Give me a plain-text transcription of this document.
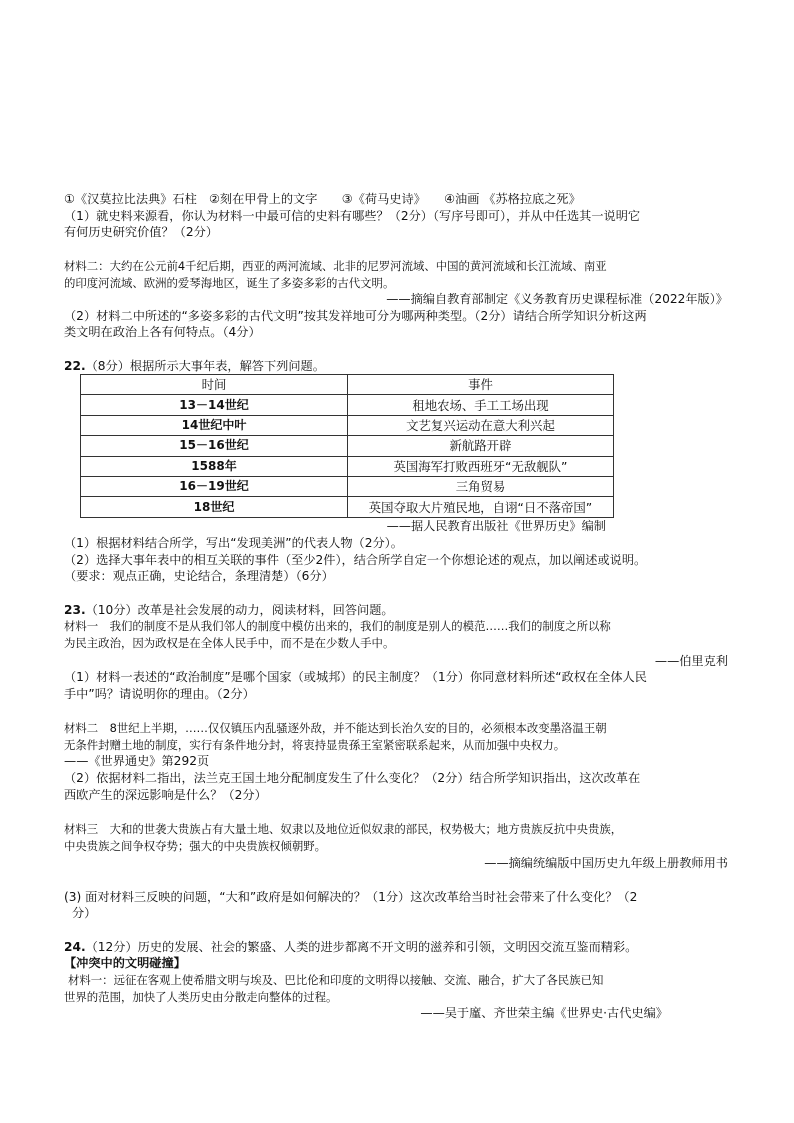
①《汉莫拉比法典》石柱　②刻在甲骨上的文字　　③《荷马史诗》　　④油画 《苏格拉底之死》
（1）就史料来源看，你认为材料一中最可信的史料有哪些？（2分）（写序号即可），并从中任选其一说明它
有何历史研究价值？（2分）
材料二：大约在公元前4千纪后期，西亚的两河流域、北非的尼罗河流域、中国的黄河流域和长江流域、南亚
的印度河流域、欧洲的爱琴海地区，诞生了多姿多彩的古代文明。
——摘编自教育部制定《义务教育历史课程标准（2022年版）》
（2）材料二中所述的“多姿多彩的古代文明”按其发祥地可分为哪两种类型。（2分）请结合所学知识分析这两
类文明在政治上各有何特点。（4分）
22.（8分）根据所示大事年表，解答下列问题。
时间	事件
13－14世纪	租地农场、手工工场出现
14世纪中叶	文艺复兴运动在意大利兴起
15－16世纪	新航路开辟
1588年	英国海军打败西班牙“无敌舰队”
16－19世纪	三角贸易
18世纪	英国夺取大片殖民地，自诩“日不落帝国”
——据人民教育出版社《世界历史》编制
（1）根据材料结合所学，写出“发现美洲”的代表人物（2分）。
（2）选择大事年表中的相互关联的事件（至少2件），结合所学自定一个你想论述的观点，加以阐述或说明。
（要求：观点正确，史论结合，条理清楚）（6分）
23.（10分）改革是社会发展的动力，阅读材料，回答问题。
材料一　我们的制度不是从我们邻人的制度中模仿出来的，我们的制度是别人的模范……我们的制度之所以称
为民主政治，因为政权是在全体人民手中，而不是在少数人手中。
——伯里克利
（1）材料一表述的“政治制度”是哪个国家（或城邦）的民主制度？（1分）你同意材料所述“政权在全体人民
手中”吗？请说明你的理由。（2分）
材料二　8世纪上半期，……仅仅镇压内乱骚逐外敌，并不能达到长治久安的目的，必须根本改变墨洛温王朝
无条件封赠土地的制度，实行有条件地分封，将衷持显贵孫王室紧密联系起来，从而加强中央权力。
——《世界通史》第292页
（2）依据材料二指出，法兰克王国土地分配制度发生了什么变化？（2分）结合所学知识指出，这次改革在
西欧产生的深远影响是什么？（2分）
材料三　大和的世袭大贵族占有大量土地、奴隶以及地位近似奴隶的部民，权势极大；地方贵族反抗中央贵族，
中央贵族之间争权夺势；强大的中央贵族权倾朝野。
——摘编统编版中国历史九年级上册教师用书
(3) 面对材料三反映的问题，“大和”政府是如何解决的？（1分）这次改革给当时社会带来了什么变化？（2
分）
24.（12分）历史的发展、社会的繁盛、人类的进步都离不开文明的滋养和引领，文明因交流互鉴而精彩。
【冲突中的文明碰撞】
材料一：远征在客观上使希腊文明与埃及、巴比伦和印度的文明得以接触、交流、融合，扩大了各民族已知
世界的范围，加快了人类历史由分散走向整体的过程。
——吴于廑、齐世荣主编《世界史·古代史编》
